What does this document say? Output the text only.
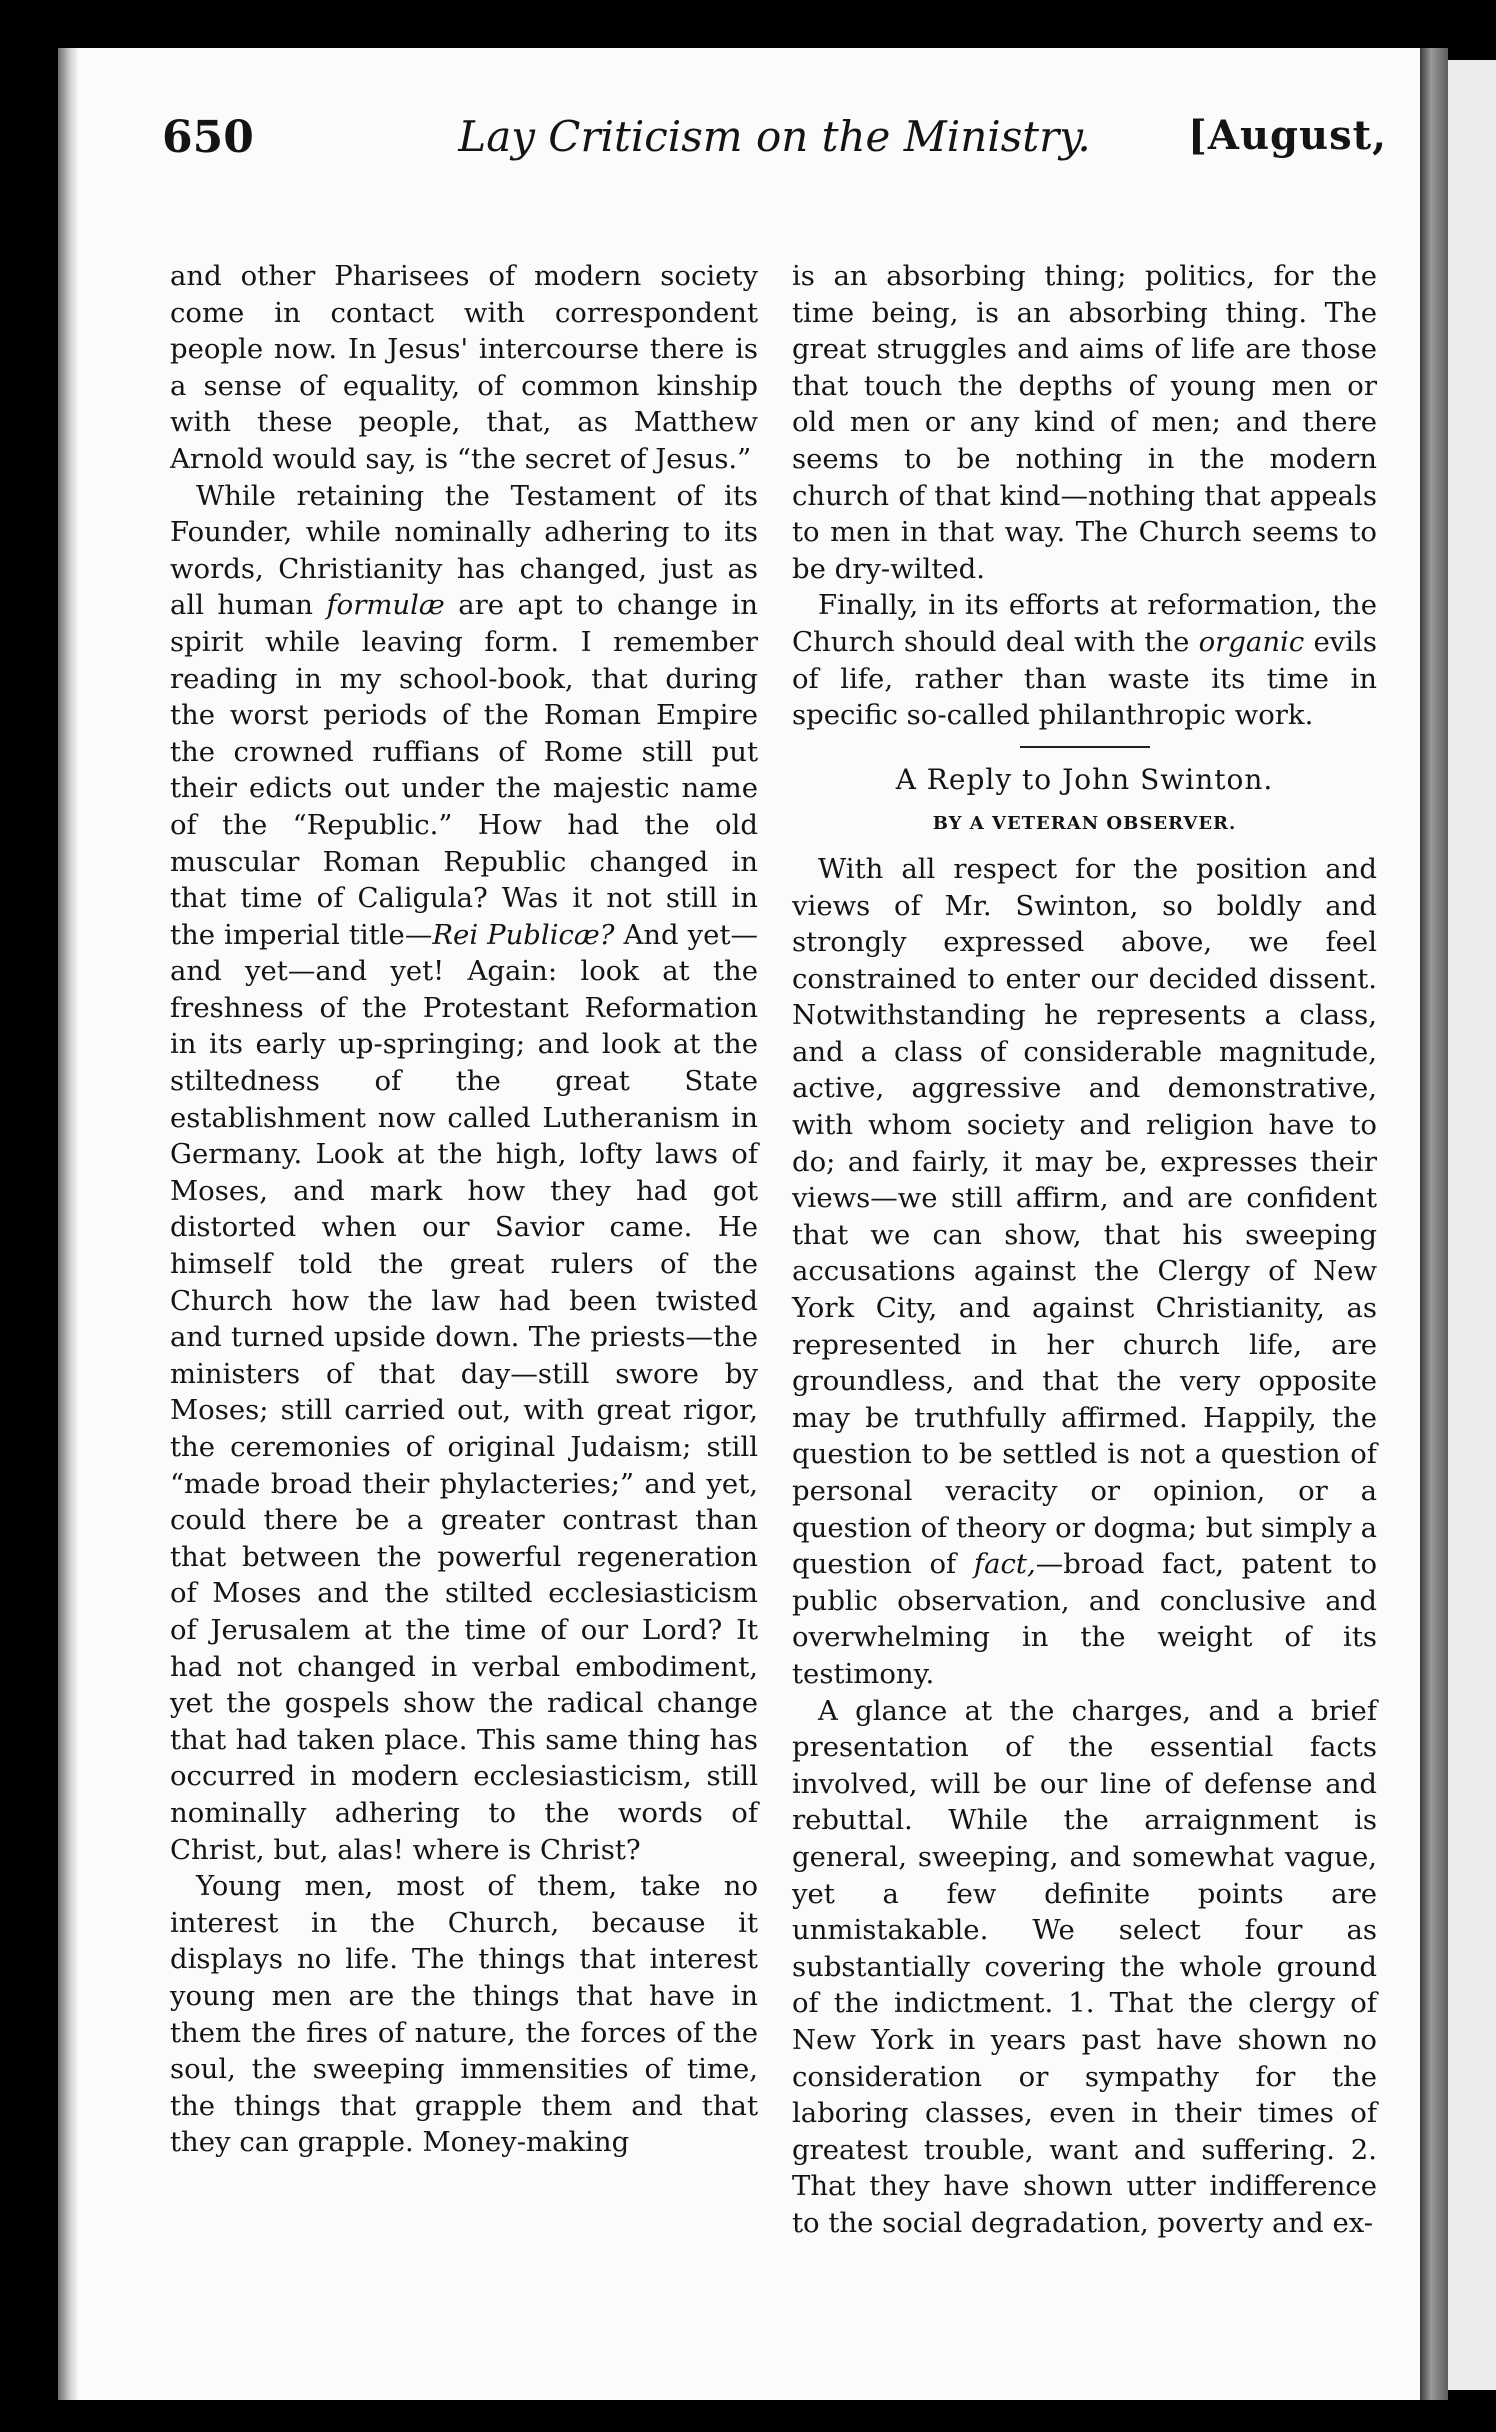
650	Lay Criticism on the Ministry.	[August,

and other Pharisees of modern society come in contact with correspondent people now. In Jesus' intercourse there is a sense of equality, of common kinship with these people, that, as Matthew Arnold would say, is “the secret of Jesus.”

While retaining the Testament of its Founder, while nominally adhering to its words, Christianity has changed, just as all human formulæ are apt to change in spirit while leaving form. I remember reading in my school-book, that during the worst periods of the Roman Empire the crowned ruffians of Rome still put their edicts out under the majestic name of the “Republic.” How had the old muscular Roman Republic changed in that time of Caligula? Was it not still in the imperial title—Rei Publicæ? And yet—and yet—and yet! Again: look at the freshness of the Protestant Reformation in its early up-springing; and look at the stiltedness of the great State establishment now called Lutheranism in Germany. Look at the high, lofty laws of Moses, and mark how they had got distorted when our Savior came. He himself told the great rulers of the Church how the law had been twisted and turned upside down. The priests—the ministers of that day—still swore by Moses; still carried out, with great rigor, the ceremonies of original Judaism; still “made broad their phylacteries;” and yet, could there be a greater contrast than that between the powerful regeneration of Moses and the stilted ecclesiasticism of Jerusalem at the time of our Lord? It had not changed in verbal embodiment, yet the gospels show the radical change that had taken place. This same thing has occurred in modern ecclesiasticism, still nominally adhering to the words of Christ, but, alas! where is Christ?

Young men, most of them, take no interest in the Church, because it displays no life. The things that interest young men are the things that have in them the fires of nature, the forces of the soul, the sweeping immensities of time, the things that grapple them and that they can grapple. Money-making

is an absorbing thing; politics, for the time being, is an absorbing thing. The great struggles and aims of life are those that touch the depths of young men or old men or any kind of men; and there seems to be nothing in the modern church of that kind—nothing that appeals to men in that way. The Church seems to be dry-wilted.

Finally, in its efforts at reformation, the Church should deal with the organic evils of life, rather than waste its time in specific so-called philanthropic work.

A Reply to John Swinton.
BY A VETERAN OBSERVER.

With all respect for the position and views of Mr. Swinton, so boldly and strongly expressed above, we feel constrained to enter our decided dissent. Notwithstanding he represents a class, and a class of considerable magnitude, active, aggressive and demonstrative, with whom society and religion have to do; and fairly, it may be, expresses their views—we still affirm, and are confident that we can show, that his sweeping accusations against the Clergy of New York City, and against Christianity, as represented in her church life, are groundless, and that the very opposite may be truthfully affirmed. Happily, the question to be settled is not a question of personal veracity or opinion, or a question of theory or dogma; but simply a question of fact,—broad fact, patent to public observation, and conclusive and overwhelming in the weight of its testimony.

A glance at the charges, and a brief presentation of the essential facts involved, will be our line of defense and rebuttal. While the arraignment is general, sweeping, and somewhat vague, yet a few definite points are unmistakable. We select four as substantially covering the whole ground of the indictment. 1. That the clergy of New York in years past have shown no consideration or sympathy for the laboring classes, even in their times of greatest trouble, want and suffering. 2. That they have shown utter indifference to the social degradation, poverty and ex-
